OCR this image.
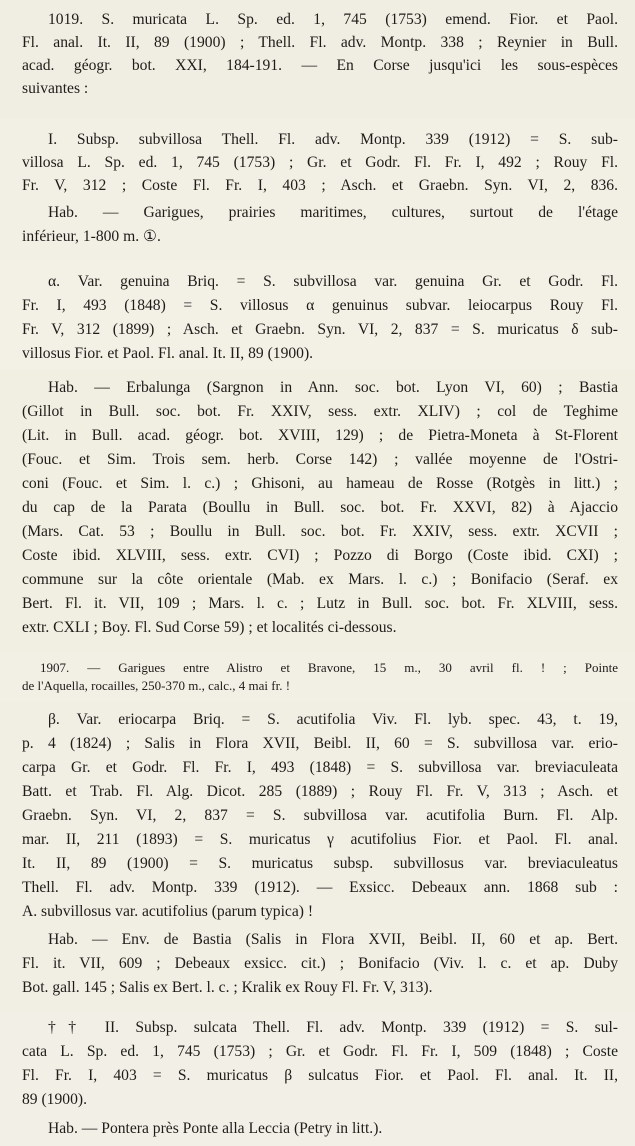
1019. S. muricata L. Sp. ed. 1, 745 (1753) emend. Fior. et Paol.

Fl. anal. It. II, 89 (1900) ; Thell. Fl. adv. Montp. 338 ; Reynier in Bull.

acad. géogr. bot. XXI, 184-191. — En Corse jusqu'ici les sous-espèces

suivantes :

I. Subsp. subvillosa Thell. Fl. adv. Montp. 339 (1912) = S. sub-

villosa L. Sp. ed. 1, 745 (1753) ; Gr. et Godr. Fl. Fr. I, 492 ; Rouy Fl.

Fr. V, 312 ; Coste Fl. Fr. I, 403 ; Asch. et Graebn. Syn. VI, 2, 836.

Hab. — Garigues, prairies maritimes, cultures, surtout de l'étage

inférieur, 1-800 m. ①.

α. Var. genuina Briq. = S. subvillosa var. genuina Gr. et Godr. Fl.

Fr. I, 493 (1848) = S. villosus α genuinus subvar. leiocarpus Rouy Fl.

Fr. V, 312 (1899) ; Asch. et Graebn. Syn. VI, 2, 837 = S. muricatus δ sub-

villosus Fior. et Paol. Fl. anal. It. II, 89 (1900).

Hab. — Erbalunga (Sargnon in Ann. soc. bot. Lyon VI, 60) ; Bastia

(Gillot in Bull. soc. bot. Fr. XXIV, sess. extr. XLIV) ; col de Teghime

(Lit. in Bull. acad. géogr. bot. XVIII, 129) ; de Pietra-Moneta à St-Florent

(Fouc. et Sim. Trois sem. herb. Corse 142) ; vallée moyenne de l'Ostri-

coni (Fouc. et Sim. l. c.) ; Ghisoni, au hameau de Rosse (Rotgès in litt.) ;

du cap de la Parata (Boullu in Bull. soc. bot. Fr. XXVI, 82) à Ajaccio

(Mars. Cat. 53 ; Boullu in Bull. soc. bot. Fr. XXIV, sess. extr. XCVII ;

Coste ibid. XLVIII, sess. extr. CVI) ; Pozzo di Borgo (Coste ibid. CXI) ;

commune sur la côte orientale (Mab. ex Mars. l. c.) ; Bonifacio (Seraf. ex

Bert. Fl. it. VII, 109 ; Mars. l. c. ; Lutz in Bull. soc. bot. Fr. XLVIII, sess.

extr. CXLI ; Boy. Fl. Sud Corse 59) ; et localités ci-dessous.

1907. — Garigues entre Alistro et Bravone, 15 m., 30 avril fl. ! ; Pointe

de l'Aquella, rocailles, 250-370 m., calc., 4 mai fr. !

β. Var. eriocarpa Briq. = S. acutifolia Viv. Fl. lyb. spec. 43, t. 19,

p. 4 (1824) ; Salis in Flora XVII, Beibl. II, 60 = S. subvillosa var. erio-

carpa Gr. et Godr. Fl. Fr. I, 493 (1848) = S. subvillosa var. breviaculeata

Batt. et Trab. Fl. Alg. Dicot. 285 (1889) ; Rouy Fl. Fr. V, 313 ; Asch. et

Graebn. Syn. VI, 2, 837 = S. subvillosa var. acutifolia Burn. Fl. Alp.

mar. II, 211 (1893) = S. muricatus γ acutifolius Fior. et Paol. Fl. anal.

It. II, 89 (1900) = S. muricatus subsp. subvillosus var. breviaculeatus

Thell. Fl. adv. Montp. 339 (1912). — Exsicc. Debeaux ann. 1868 sub :

A. subvillosus var. acutifolius (parum typica) !

Hab. — Env. de Bastia (Salis in Flora XVII, Beibl. II, 60 et ap. Bert.

Fl. it. VII, 609 ; Debeaux exsicc. cit.) ; Bonifacio (Viv. l. c. et ap. Duby

Bot. gall. 145 ; Salis ex Bert. l. c. ; Kralik ex Rouy Fl. Fr. V, 313).

†† II. Subsp. sulcata Thell. Fl. adv. Montp. 339 (1912) = S. sul-

cata L. Sp. ed. 1, 745 (1753) ; Gr. et Godr. Fl. Fr. I, 509 (1848) ; Coste

Fl. Fr. I, 403 = S. muricatus β sulcatus Fior. et Paol. Fl. anal. It. II,

89 (1900).

Hab. — Pontera près Ponte alla Leccia (Petry in litt.).
